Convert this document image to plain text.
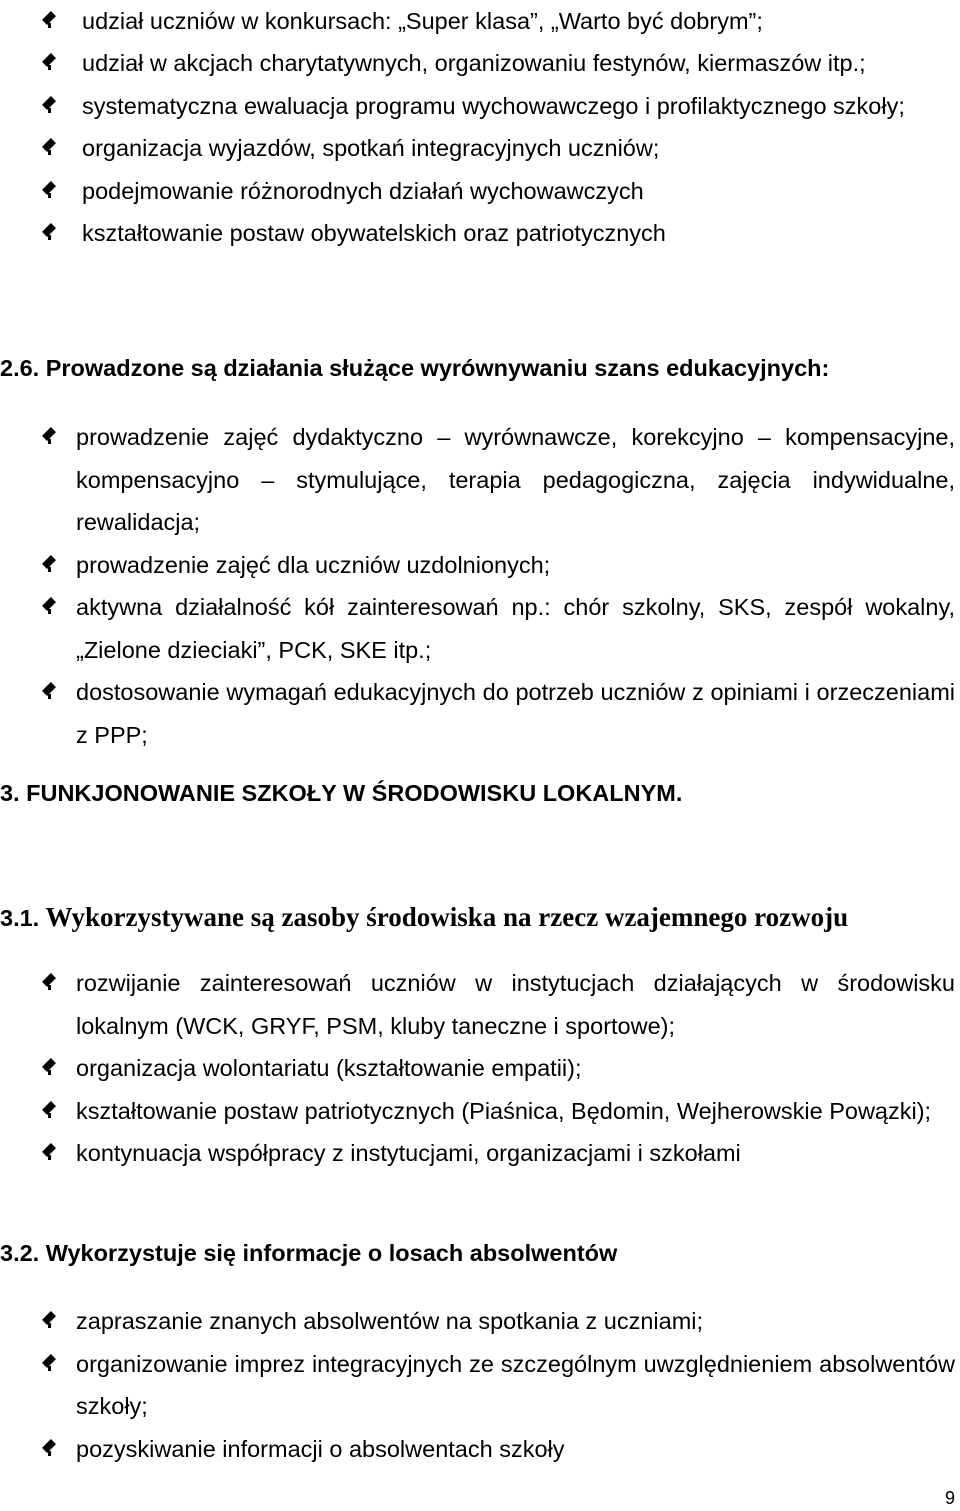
udział uczniów w konkursach: „Super klasa”, „Warto być dobrym”;
udział w akcjach charytatywnych, organizowaniu festynów, kiermaszów itp.;
systematyczna ewaluacja programu wychowawczego i profilaktycznego szkoły;
organizacja wyjazdów, spotkań integracyjnych uczniów;
podejmowanie różnorodnych działań wychowawczych
kształtowanie postaw obywatelskich oraz patriotycznych
2.6. Prowadzone są działania służące wyrównywaniu szans edukacyjnych:
prowadzenie zajęć dydaktyczno – wyrównawcze, korekcyjno – kompensacyjne, kompensacyjno – stymulujące, terapia pedagogiczna, zajęcia indywidualne, rewalidacja;
prowadzenie zajęć dla uczniów uzdolnionych;
aktywna działalność kół zainteresowań np.: chór szkolny, SKS, zespół wokalny, „Zielone dzieciaki”, PCK, SKE itp.;
dostosowanie wymagań edukacyjnych do potrzeb uczniów z opiniami i orzeczeniami z PPP;
3. FUNKJONOWANIE SZKOŁY W ŚRODOWISKU LOKALNYM.
3.1. Wykorzystywane są zasoby środowiska na rzecz wzajemnego rozwoju
rozwijanie zainteresowań uczniów w instytucjach działających w środowisku lokalnym (WCK, GRYF, PSM, kluby taneczne i sportowe);
organizacja wolontariatu (kształtowanie empatii);
kształtowanie postaw patriotycznych (Piaśnica, Będomin, Wejherowskie Powązki);
kontynuacja współpracy z instytucjami, organizacjami i szkołami
3.2. Wykorzystuje się informacje o losach absolwentów
zapraszanie znanych absolwentów na spotkania z uczniami;
organizowanie imprez integracyjnych ze szczególnym uwzględnieniem absolwentów szkoły;
pozyskiwanie informacji o absolwentach szkoły
9
